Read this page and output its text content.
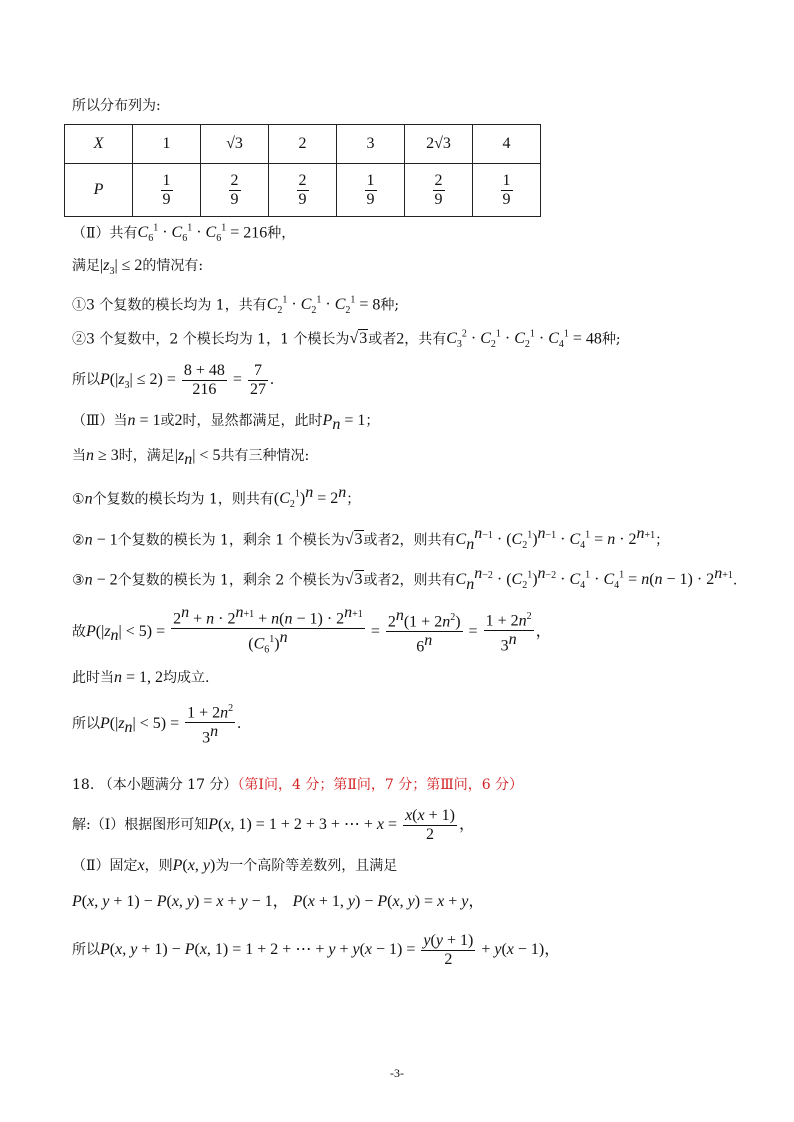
所以分布列为:
X	1	√3	2	3	2√3	4
P	$\frac{1}{9}$	$\frac{2}{9}$	$\frac{2}{9}$	$\frac{1}{9}$	$\frac{2}{9}$	$\frac{1}{9}$
（Ⅱ）共有$C_6^1 \cdot C_6^1 \cdot C_6^1 = 216$种，
满足$|z_3| \le 2$的情况有:
①3 个复数的模长均为 1，共有$C_2^1 \cdot C_2^1 \cdot C_2^1 = 8$种;
②3 个复数中，2 个模长均为 1，1 个模长为√3或者2，共有$C_3^2 \cdot C_2^1 \cdot C_2^1 \cdot C_4^1 = 48$种;
所以$P(|z_3| \le 2) = \frac{8 + 48}{216} = \frac{7}{27}$ .
（Ⅲ）当n = 1或2时，显然都满足，此时$P_n = 1$；
当n ≥ 3时，满足$|z_n| < 5$共有三种情况:
①n个复数的模长均为 1，则共有$(C_2^1)^n = 2^n$；
②n − 1个复数的模长为 1，剩余 1 个模长为√3或者2，则共有$C_n^{n-1} \cdot (C_2^1)^{n-1} \cdot C_4^1 = n \cdot 2^{n+1}$；
③n − 2个复数的模长为 1，剩余 2 个模长为√3或者2，则共有$C_n^{n-2} \cdot (C_2^1)^{n-2} \cdot C_4^1 \cdot C_4^1 = n(n - 1) \cdot 2^{n+1}$.
故$P(|z_n| < 5) = \frac{2^n + n \cdot 2^{n+1} + n(n - 1) \cdot 2^{n+1}}{(C_6^1)^n} = \frac{2^n(1 + 2n^2)}{6^n} = \frac{1 + 2n^2}{3^n}$ ，
此时当n = 1, 2均成立.
所以$P(|z_n| < 5) = \frac{1 + 2n^2}{3^n}$ .
18. （本小题满分 17 分）（第Ⅰ问，4 分；第Ⅱ问，7 分；第Ⅲ问，6 分）
解:（Ⅰ）根据图形可知P(x, 1) = 1 + 2 + 3 + ⋯ + $x = \frac{x(x + 1)}{2}$ ，
（Ⅱ）固定x，则P(x, y)为一个高阶等差数列，且满足
P(x, y + 1) − P(x, y) = x + y − 1， P(x + 1, y) − P(x, y) = x + y，
所以P(x, y + 1) − P(x, 1) = 1 + 2 + ⋯ + $y + y(x - 1) = \frac{y(y + 1)}{2} + y(x - 1)$，
-3-
